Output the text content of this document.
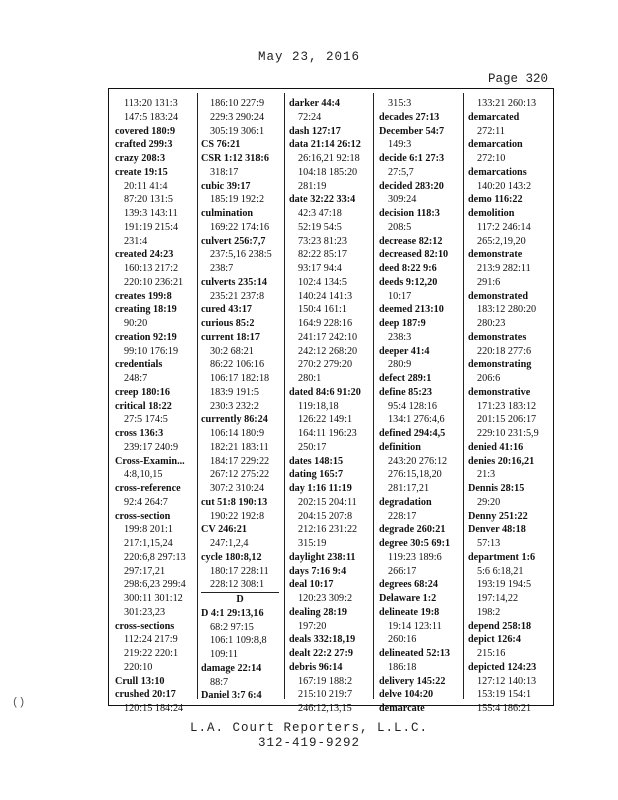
May 23, 2016
Page 320
113:20 131:3
147:5 183:24
covered 180:9
crafted 299:3
crazy 208:3
create 19:15
20:11 41:4
87:20 131:5
139:3 143:11
191:19 215:4
231:4
created 24:23
160:13 217:2
220:10 236:21
creates 199:8
creating 18:19
90:20
creation 92:19
99:10 176:19
credentials
248:7
creep 180:16
critical 18:22
27:5 174:5
cross 136:3
239:17 240:9
Cross-Examin...
4:8,10,15
cross-reference
92:4 264:7
cross-section
199:8 201:1
217:1,15,24
220:6,8 297:13
297:17,21
298:6,23 299:4
300:11 301:12
301:23,23
cross-sections
112:24 217:9
219:22 220:1
220:10
Crull 13:10
crushed 20:17
120:15 184:24
186:10 227:9
229:3 290:24
305:19 306:1
CS 76:21
CSR 1:12 318:6
318:17
cubic 39:17
185:19 192:2
culmination
169:22 174:16
culvert 256:7,7
237:5,16 238:5
238:7
culverts 235:14
235:21 237:8
cured 43:17
curious 85:2
current 18:17
30:2 68:21
86:22 106:16
106:17 182:18
183:9 191:5
230:3 232:2
currently 86:24
106:14 180:9
182:21 183:11
184:17 229:22
267:12 275:22
307:2 310:24
cut 51:8 190:13
190:22 192:8
CV 246:21
247:1,2,4
cycle 180:8,12
180:17 228:11
228:12 308:1
D
D 4:1 29:13,16
68:2 97:15
106:1 109:8,8
109:11
damage 22:14
88:7
Daniel 3:7 6:4
darker 44:4
72:24
dash 127:17
data 21:14 26:12
26:16,21 92:18
104:18 185:20
281:19
date 32:22 33:4
42:3 47:18
52:19 54:5
73:23 81:23
82:22 85:17
93:17 94:4
102:4 134:5
140:24 141:3
150:4 161:1
164:9 228:16
241:17 242:10
242:12 268:20
270:2 279:20
280:1
dated 84:6 91:20
119:18,18
126:22 149:1
164:11 196:23
250:17
dates 148:15
dating 165:7
day 1:16 11:19
202:15 204:11
204:15 207:8
212:16 231:22
315:19
daylight 238:11
days 7:16 9:4
deal 10:17
120:23 309:2
dealing 28:19
197:20
deals 332:18,19
dealt 22:2 27:9
debris 96:14
167:19 188:2
215:10 219:7
246:12,13,15
315:3
decades 27:13
December 54:7
149:3
decide 6:1 27:3
27:5,7
decided 283:20
309:24
decision 118:3
208:5
decrease 82:12
decreased 82:10
deed 8:22 9:6
deeds 9:12,20
10:17
deemed 213:10
deep 187:9
238:3
deeper 41:4
280:9
defect 289:1
define 85:23
95:4 128:16
134:1 276:4,6
defined 294:4,5
definition
243:20 276:12
276:15,18,20
281:17,21
degradation
228:17
degrade 260:21
degree 30:5 69:1
119:23 189:6
266:17
degrees 68:24
Delaware 1:2
delineate 19:8
19:14 123:11
260:16
delineated 52:13
186:18
delivery 145:22
delve 104:20
demarcate
133:21 260:13
demarcated
272:11
demarcation
272:10
demarcations
140:20 143:2
demo 116:22
demolition
117:2 246:14
265:2,19,20
demonstrate
213:9 282:11
291:6
demonstrated
183:12 280:20
280:23
demonstrates
220:18 277:6
demonstrating
206:6
demonstrative
171:23 183:12
201:15 206:17
229:10 231:5,9
denied 41:16
denies 20:16,21
21:3
Dennis 28:15
29:20
Denny 251:22
Denver 48:18
57:13
department 1:6
5:6 6:18,21
193:19 194:5
197:14,22
198:2
depend 258:18
depict 126:4
215:16
depicted 124:23
127:12 140:13
153:19 154:1
155:4 186:21
L.A. Court Reporters, L.L.C.
312-419-9292
()
